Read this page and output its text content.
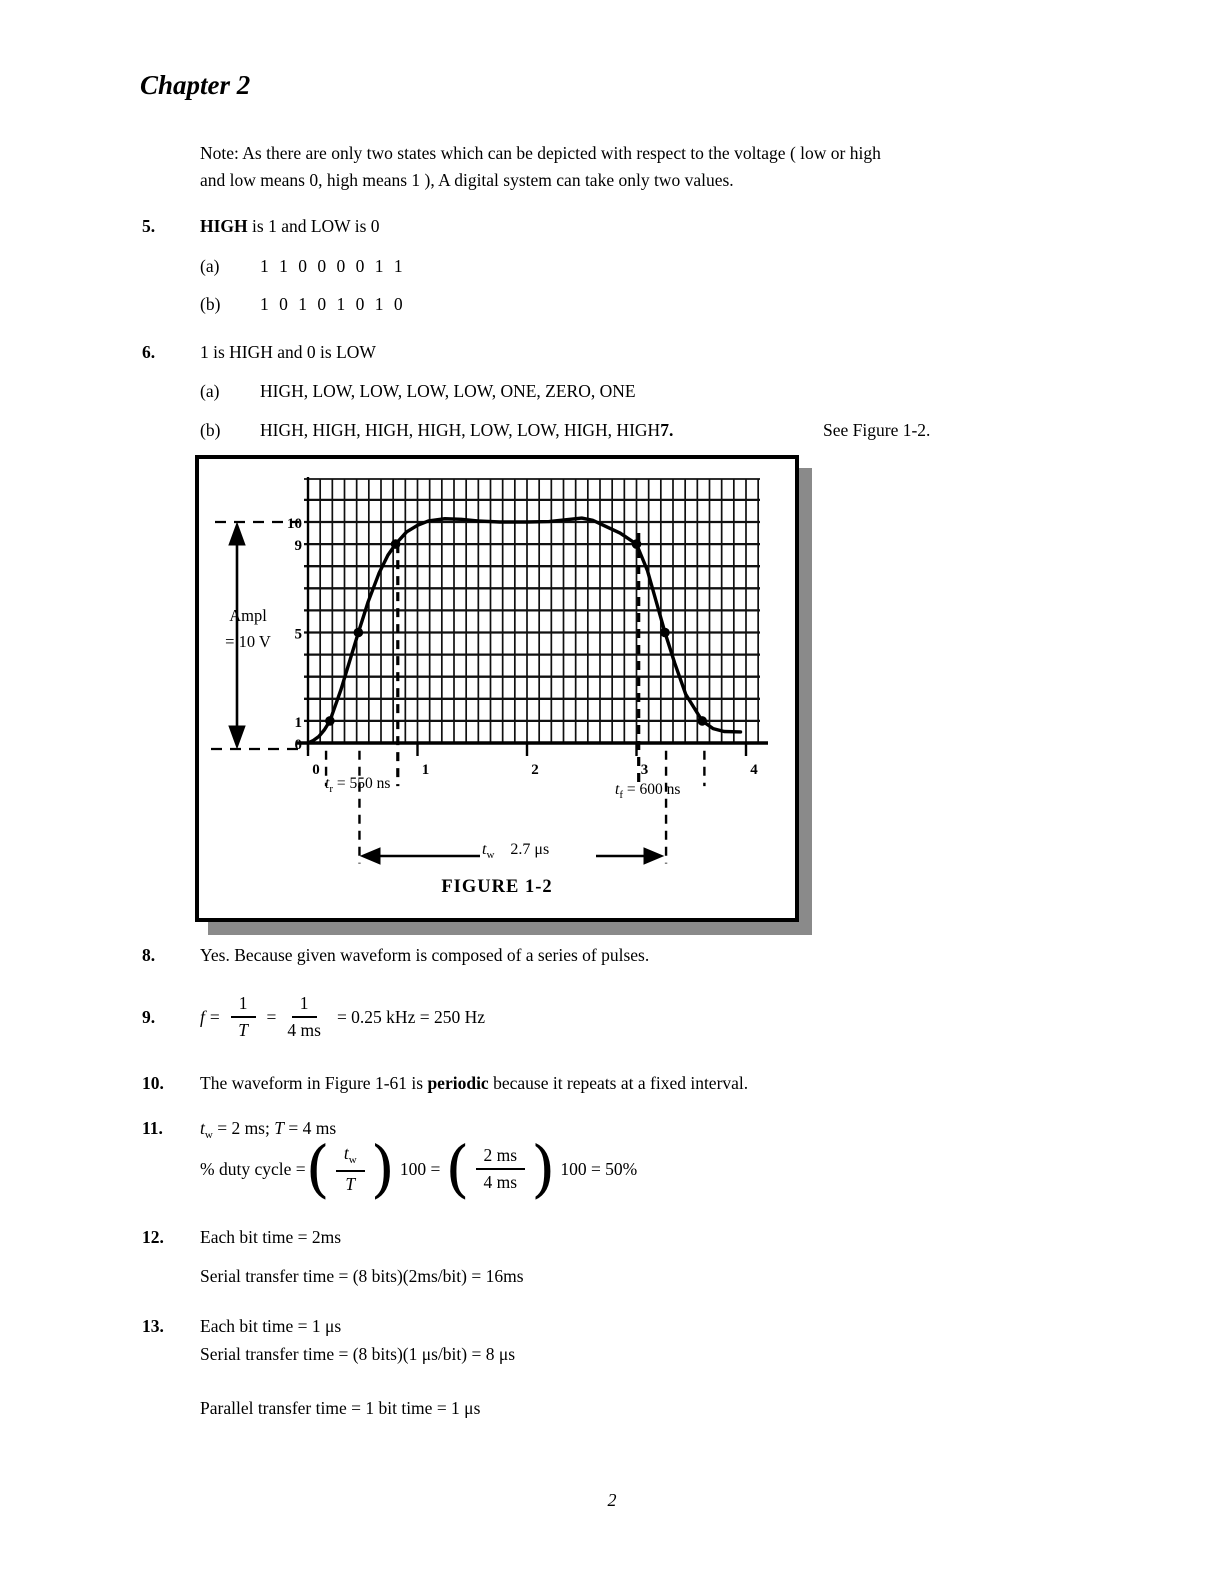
Chapter 2
Note: As there are only two states which can be depicted with respect to the voltage ( low or high
and low means 0, high means 1 ), A digital system can take only two values.
5.	HIGH is 1 and LOW is 0
(a) 1 1 0 0 0 0 1 1
(b) 1 0 1 0 1 0 1 0
6.	1 is HIGH and 0 is LOW
(a) HIGH, LOW, LOW, LOW, LOW, ONE, ZERO, ONE
(b) HIGH, HIGH, HIGH, HIGH, LOW, LOW, HIGH, HIGH7.	See Figure 1-2.
0	1	2	3	4
10
9
5
1
0
Ampl
= 10 V
$t_r = 550$ ns	$t_f = 600$ ns
$t_w$ 2.7 μs
FIGURE 1-2
8.	Yes. Because given waveform is composed of a series of pulses.
9.	$f = \frac{1}{T} = \frac{1}{4 ms} = 0.25$ kHz = 250 Hz
10. The waveform in Figure 1-61 is periodic because it repeats at a fixed interval.
11. $t_w = 2$ ms; T = 4 ms
% duty cycle = ( $\frac{t_w}{T}$ ) 100 = ( $\frac{2 ms}{4 ms}$ ) 100 = 50%
12. Each bit time = 2ms
Serial transfer time = (8 bits)(2ms/bit) = 16ms
13. Each bit time = 1 μs
Serial transfer time = (8 bits)(1 μs/bit) = 8 μs
Parallel transfer time = 1 bit time = 1 μs
2
